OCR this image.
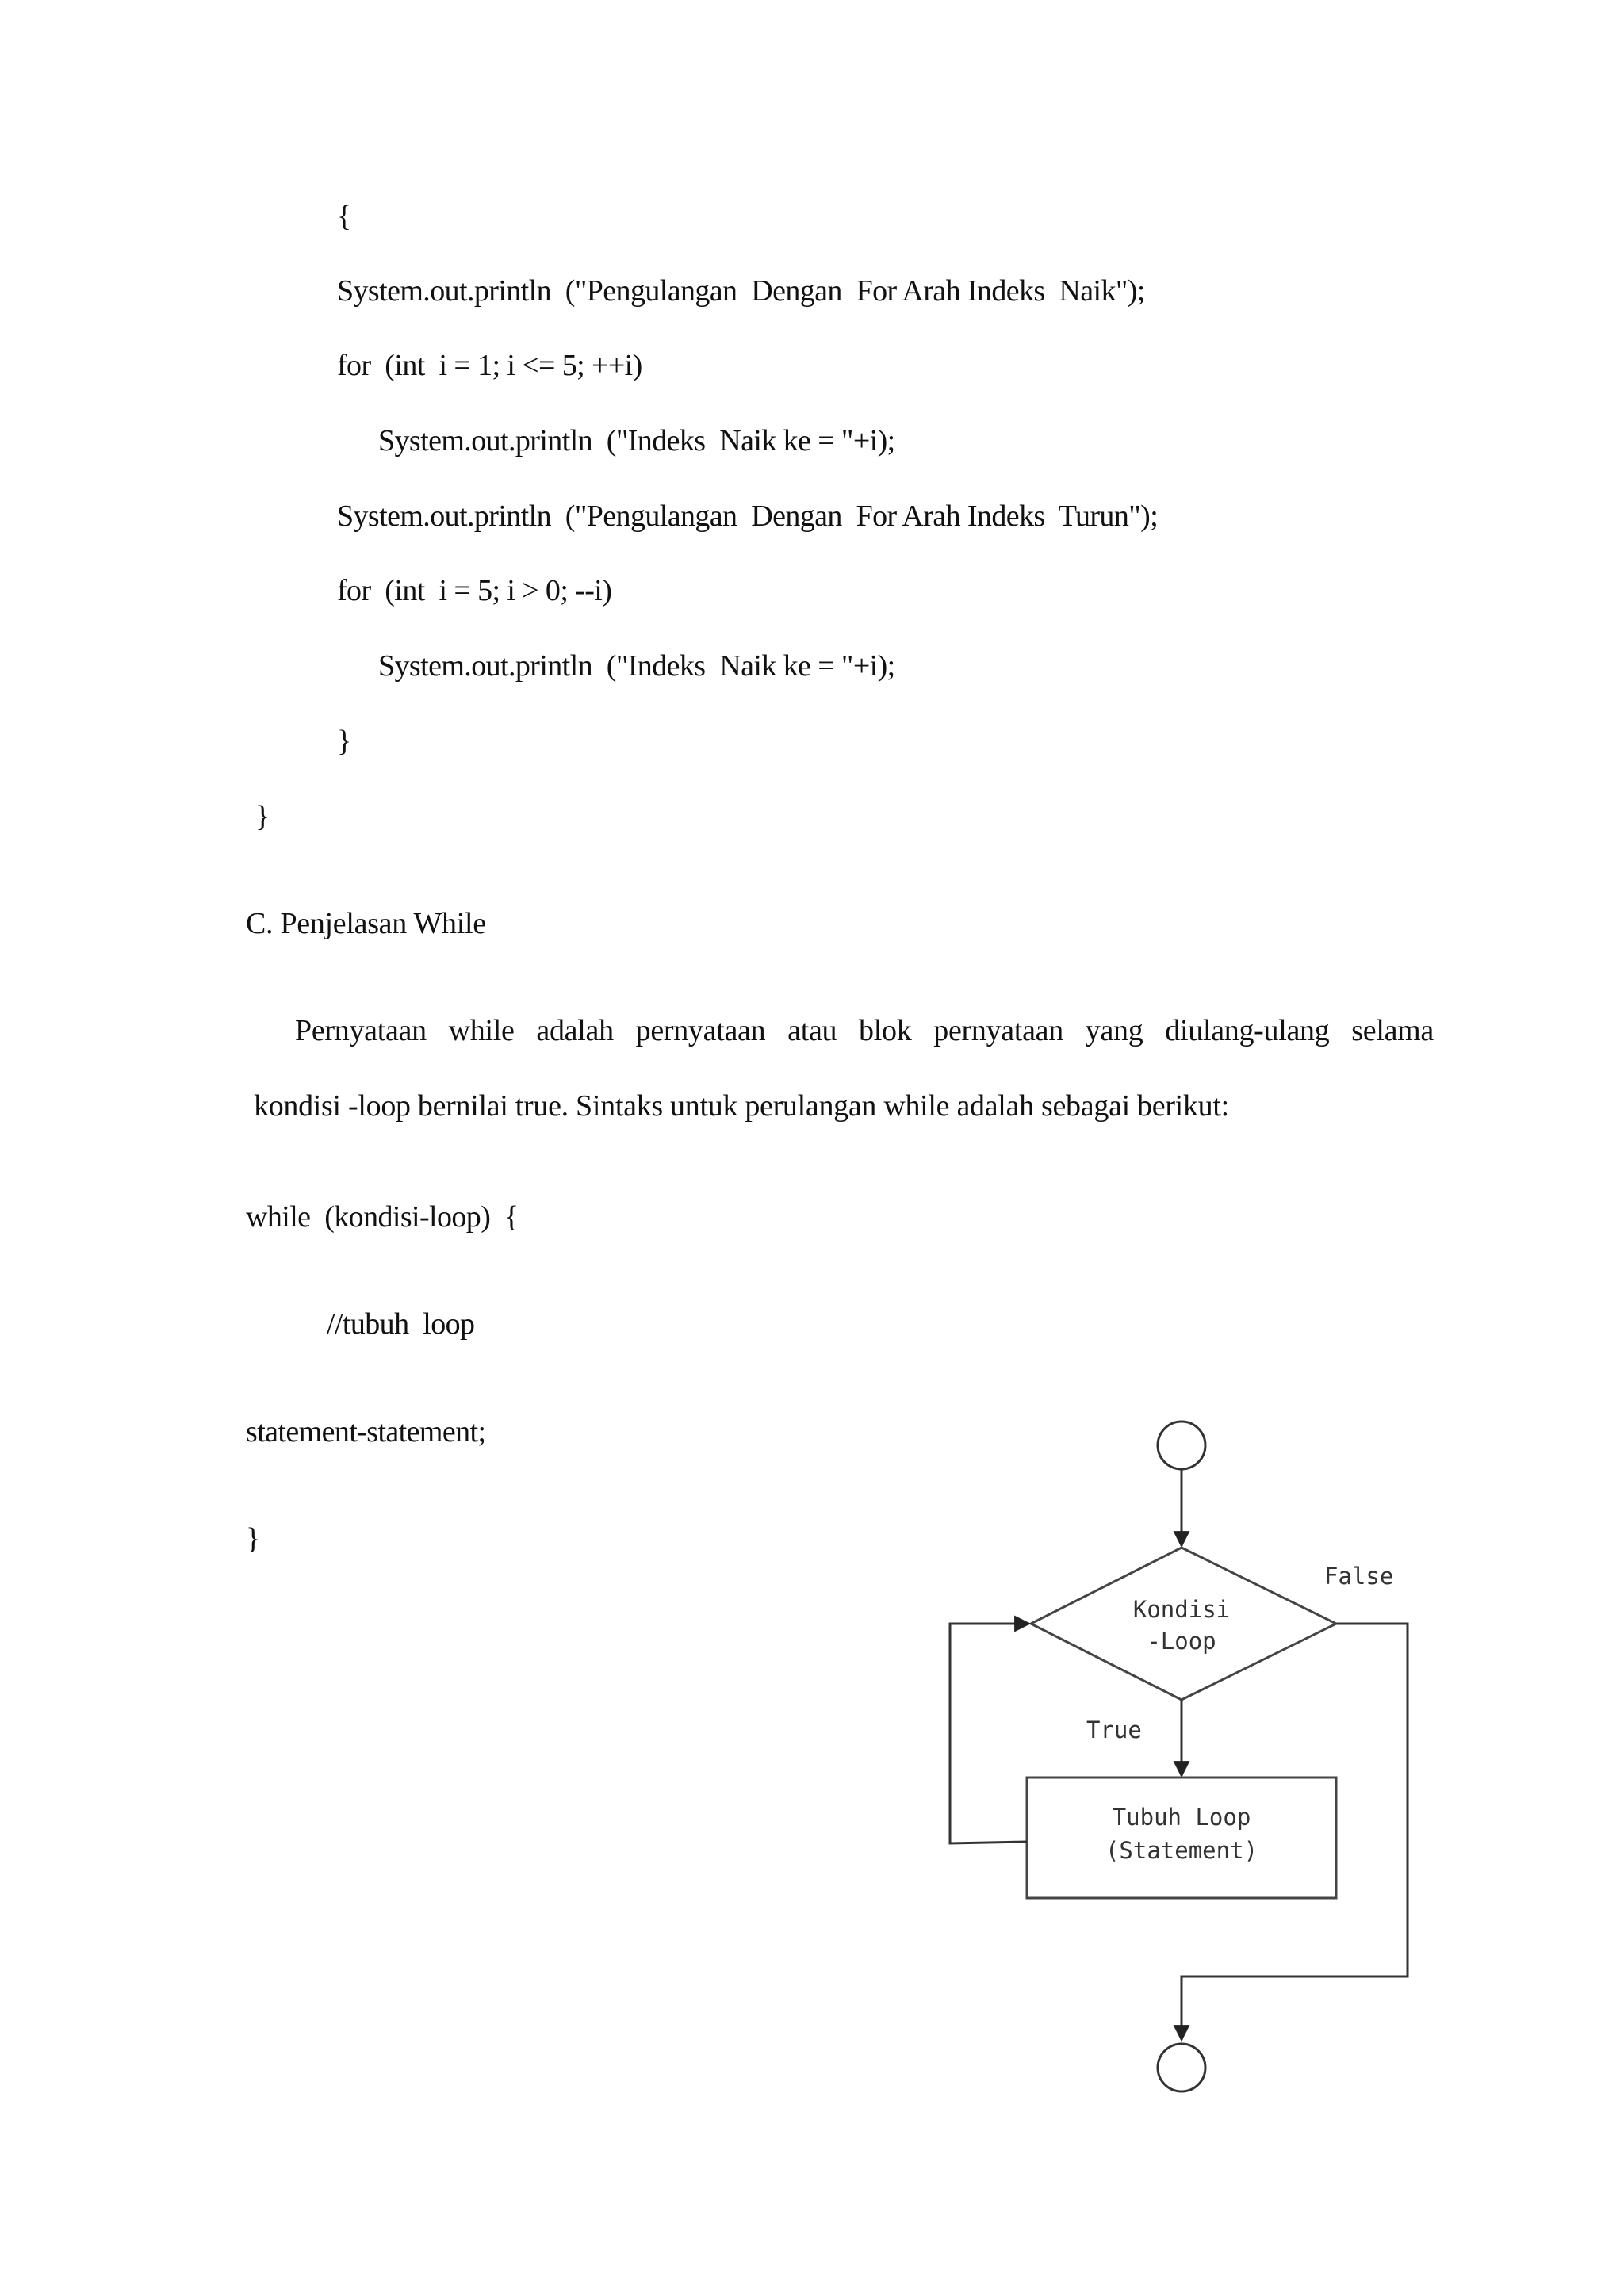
{
System.out.println  ("Pengulangan  Dengan  For Arah Indeks  Naik");
for  (int  i = 1; i <= 5; ++i)
System.out.println  ("Indeks  Naik ke = "+i);
System.out.println  ("Pengulangan  Dengan  For Arah Indeks  Turun");
for  (int  i = 5; i > 0; --i)
System.out.println  ("Indeks  Naik ke = "+i);
}
}
C. Penjelasan While
Pernyataan while adalah pernyataan atau blok pernyataan yang diulang-ulang selama
kondisi -loop bernilai true. Sintaks untuk perulangan while adalah sebagai berikut:
while  (kondisi-loop)  {
//tubuh  loop
statement-statement;
}
Kondisi
-Loop
False
True
Tubuh Loop
(Statement)
